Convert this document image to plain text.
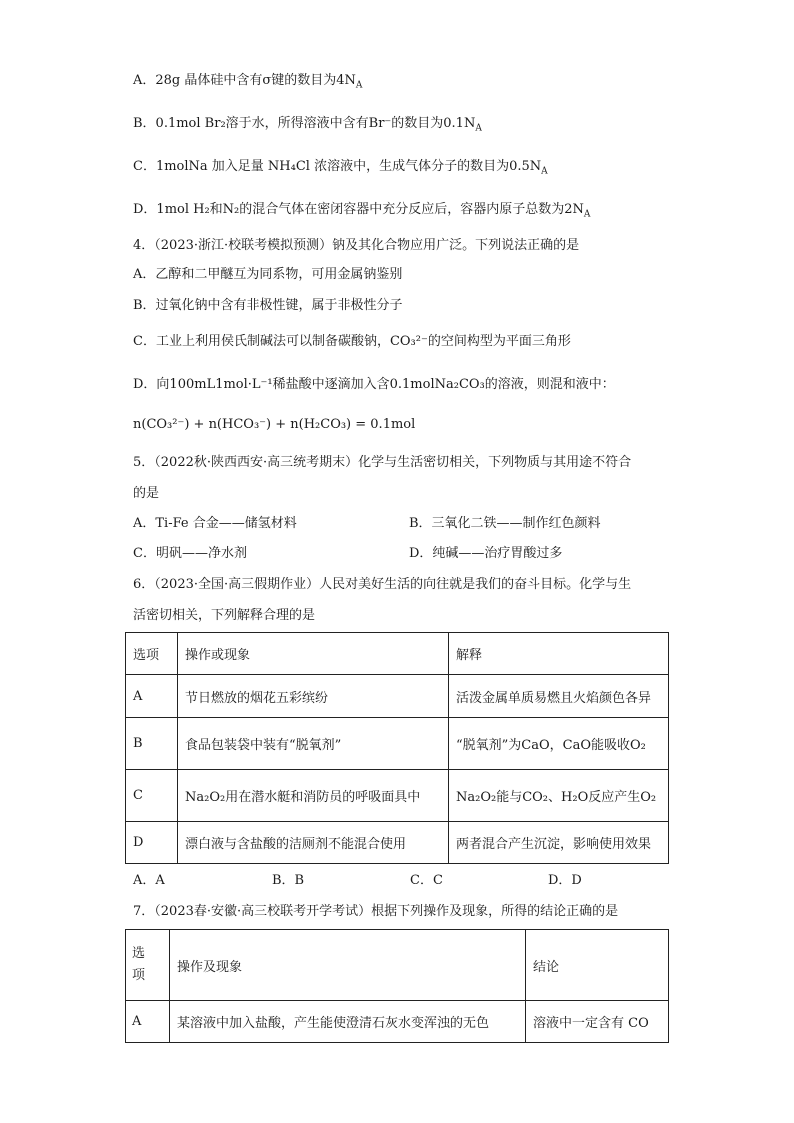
A．28g 晶体硅中含有σ键的数目为$4N_A$
B．0.1mol Br₂溶于水，所得溶液中含有Br⁻的数目为$0.1N_A$
C．1molNa 加入足量 NH₄Cl 浓溶液中，生成气体分子的数目为$0.5N_A$
D．1mol H₂和N₂的混合气体在密闭容器中充分反应后，容器内原子总数为$2N_A$
4．（2023·浙江·校联考模拟预测）钠及其化合物应用广泛。下列说法正确的是
A．乙醇和二甲醚互为同系物，可用金属钠鉴别
B．过氧化钠中含有非极性键，属于非极性分子
C．工业上利用侯氏制碱法可以制备碳酸钠，CO₃²⁻的空间构型为平面三角形
D．向100mL1mol·L⁻¹稀盐酸中逐滴加入含0.1molNa₂CO₃的溶液，则混和液中：
n(CO₃²⁻) + n(HCO₃⁻) + n(H₂CO₃) = 0.1mol
5．（2022秋·陕西西安·高三统考期末）化学与生活密切相关，下列物质与其用途不符合
的是
A．Ti-Fe 合金——储氢材料	B．三氧化二铁——制作红色颜料
C．明矾——净水剂	D．纯碱——治疗胃酸过多
6．（2023·全国·高三假期作业）人民对美好生活的向往就是我们的奋斗目标。化学与生
活密切相关，下列解释合理的是
选项	操作或现象	解释
A	节日燃放的烟花五彩缤纷	活泼金属单质易燃且火焰颜色各异
B	食品包装袋中装有“脱氧剂”	“脱氧剂”为CaO，CaO能吸收O₂
C	Na₂O₂用在潜水艇和消防员的呼吸面具中	Na₂O₂能与CO₂、H₂O反应产生O₂
D	漂白液与含盐酸的洁厕剂不能混合使用	两者混合产生沉淀，影响使用效果
A．A	B．B	C．C	D．D
7．（2023春·安徽·高三校联考开学考试）根据下列操作及现象，所得的结论正确的是
选
项	操作及现象	结论
A	某溶液中加入盐酸，产生能使澄清石灰水变浑浊的无色	溶液中一定含有 CO
